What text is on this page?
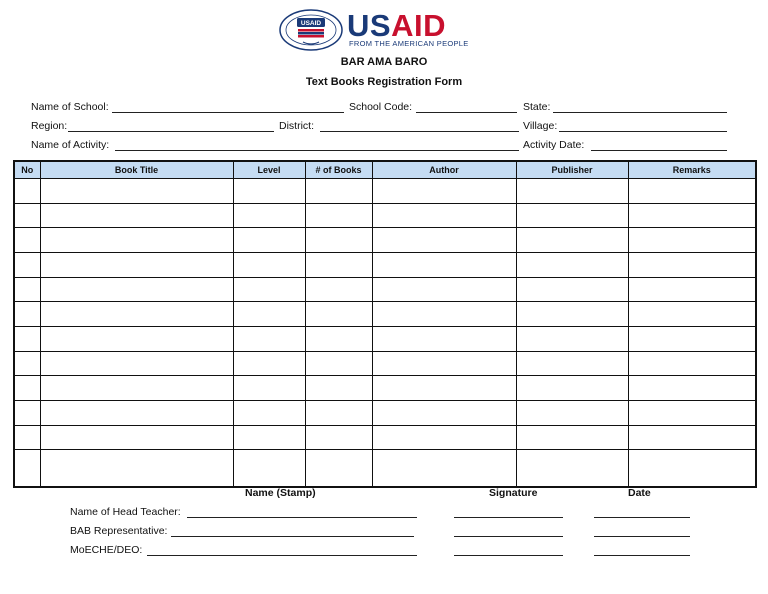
USAID USAID
FROM THE AMERICAN PEOPLE
BAR AMA BARO
Text Books Registration Form
Name of School:	School Code:	State:
Region:	District:	Village:
Name of Activity:	Activity Date:
No	Book Title	Level	# of Books	Author	Publisher	Remarks

Name (Stamp)	Signature	Date
Name of Head Teacher:
BAB Representative:
MoECHE/DEO:
